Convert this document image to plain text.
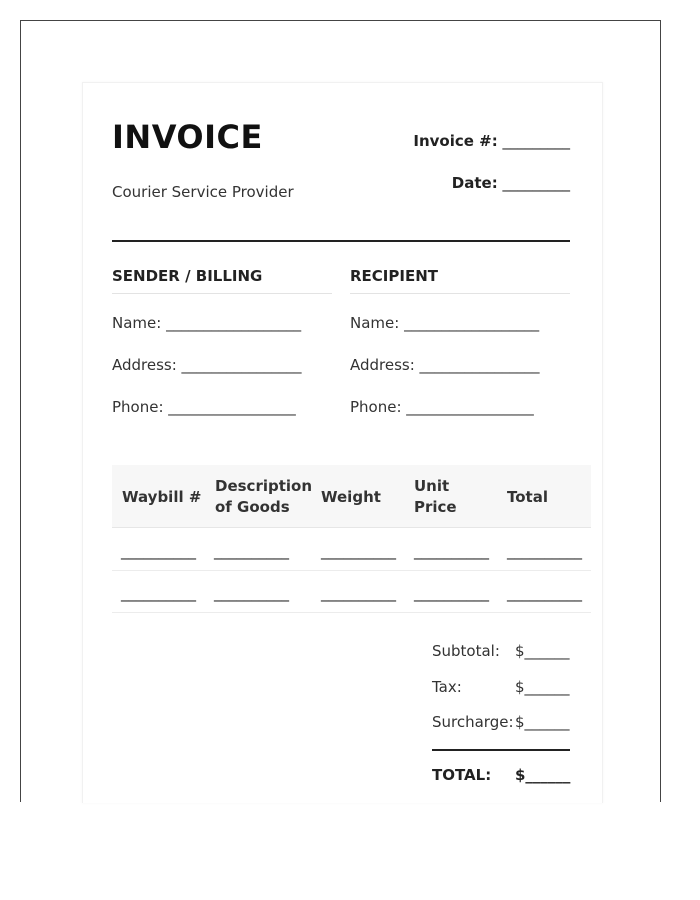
INVOICE
Courier Service Provider
Invoice #: _________
Date: _________
SENDER / BILLING
Name: __________________
Address: ________________
Phone: _________________
RECIPIENT
Name: __________________
Address: ________________
Phone: _________________
Waybill #
Description
of Goods
Weight
Unit
Price
Total
__________ __________ __________ __________ __________
__________ __________ __________ __________ __________
Subtotal: $______
Tax:	$______
Surcharge: $______
TOTAL: $______
